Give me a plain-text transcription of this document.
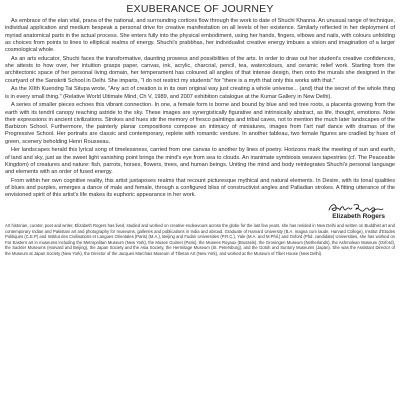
EXUBERANCE OF JOURNEY

As embrace of the elan vital, prana of the national, and surrounding cortices flow through the work to date of Shuchi Khanna. An unusual range of technique, individual application and medium bespeak a personal drive for creative manifestation on all levels of her existence. Similarly reflected in her deployment of myriad anatomical parts in the actual process. She enters fully into the physical embodiment, using her hands, fingers, elbows and nails, with colours unfolding as choices from points to lines to elliptical realms of energy. Shuchi's prabbhas, her individualist creative energy imbues a vision and imagination of a larger cosmological whole.

As an arts educator, Shuchi faces the transformative, daunting prowess and possibilities of the arts. In order to draw out her student's creative confidences, she attests to how over, her intuition grasps paper, canvas, ink, acrylic, charcoal, pencil, tea, watercolours, and ceramic relief work. Starting from the architectonic space of her personal living domain, her temperament has coloured all angles of that intense design, then onto the murals she designed in the courtyard of the Sanskriti School in Delhi. She imparts, "I do not restrict my students" for "there is a myth that only this works with that."

As the XIIth Kuendng Tai Situpa wrote, "Any act of creation is in its own original way just creating a whole universe... (and) that the secret of the whole thing is in every small thing." (Relative World Ultimate Mind, Ch V, 1989, and 2007 exhibition catalogue at the Kumar Gallery in New Delhi).

A series of smaller pieces echoes this vibrant connection. In one, a female form is borne and bound by blue and red tree roots, a placenta growing from the earth with its tendril canopy reaching astride to the sky. These images are synergistically figurative and intrinsically abstract, as life, thought, emotions. Note their expressions in ancient civilizations. Strokes and hues stir the memory of fresco paintings and tribal caves, not to mention the much later landscapes of the Barbizon School. Furthermore, the painterly planar compositions compose an intimacy of miniatures, images from l'art naif dance with dramas of the Progressive School. Her portraits are classic and contemporary, replete with romantic verdure. In another tableau, two female figures are cradled by hues of green, scenery beholding Henri Rousseau.

Her landscapes herald this lyrical song of timelessness, carried from one canvas to another by lines of poetry. Horizons mark the meeting of sun and earth, of land and sky, just as the sweet light vanishing point brings the mind's eye from sea to clouds. An inanimate symbiosis weaves tapestries (cf. The Peaceable Kingdom) of creatures and nature: fish, parrots, horses, flowers, trees, and human beings. Uniting the mind and body reintegrates Shuchi's personal language and elements with an order of fused energy.

From within her own cognitive reality, this artist juxtaposes realms that recount picturesque mythical and natural elements. In Desire, with its tonal qualities of blues and purples, emerges a dance of male and female, through a configured bliss of constructivist angles and Palladian strokes. A fitting utterance of the envisioned spirit of this artist's life makes its euphoric appearance in her work.

Elizabeth Rogers

Art historian, curator, poet and writer, Elizabeth Rogers has lived, studied and worked on creative endeavours across the globe for the last few years, she has resided in New Delhi and written on Buddhist art and contemporary Indian and Pakistani art and photography for museums, galleries and publications in India and abroad. Graduate of Harvard University (B.A. magna cum laude, Harvard College), Institut d'Etudes Politiques (C.E.P) and Institut des Civilisations et Langues Orientales (Paris) (M.A.), Beijing and Fudan Universities (P.R.C.), Yale (M.A. and M.Phil.) and Oxford (Phd. candidate) Universities, she has worked on Far Eastern art in museums including the Metropolitan Museum (New York), the Musee Guimet (Paris), the Musees Royaux (Brussels), the Groningen Museum (Netherlands), the Ashmolean Museum (Oxford), the Sackler Museums (Harvard and Beijing), the Japan Society and the Asia Society, the Hermitage Museum (St. Petersburg), and the Gotoh and Suntory Museums (Japan). She was the Assistant Director of the Museum at Japan Society (New York), the Director of the Jacques Marchais Museum of Tibetan Art (New York), and worked at the Museum of Tibet House (New Delhi).
